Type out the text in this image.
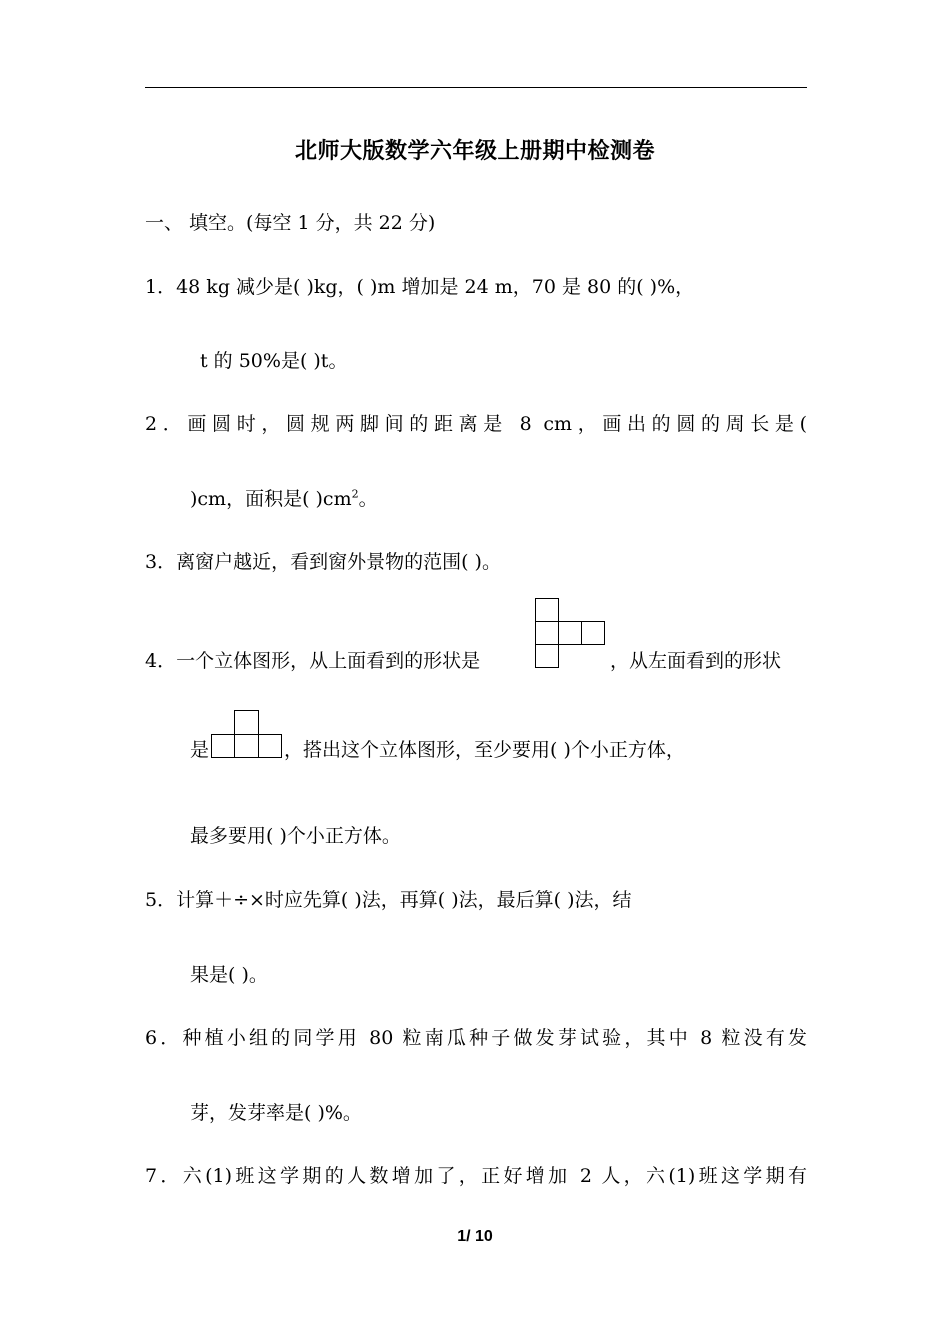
北师大版数学六年级上册期中检测卷
一、 填空。(每空 1 分，共 22 分)
1．48 kg 减少是( )kg，( )m 增加是 24 m，70 是 80 的( )%，
t 的 50%是( )t。
2．画圆时，圆规两脚间的距离是 8 cm，画出的圆的周长是(
)cm，面积是( )$cm^2$。
3．离窗户越近，看到窗外景物的范围( )。
4．一个立体图形，从上面看到的形状是	，从左面看到的形状
是	，搭出这个立体图形，至少要用( )个小正方体，
最多要用( )个小正方体。
5．计算＋÷×时应先算( )法，再算( )法，最后算( )法，结
果是( )。
6．种植小组的同学用 80 粒南瓜种子做发芽试验，其中 8 粒没有发
芽，发芽率是( )%。
7．六(1)班这学期的人数增加了，正好增加 2 人，六(1)班这学期有
1/ 10
